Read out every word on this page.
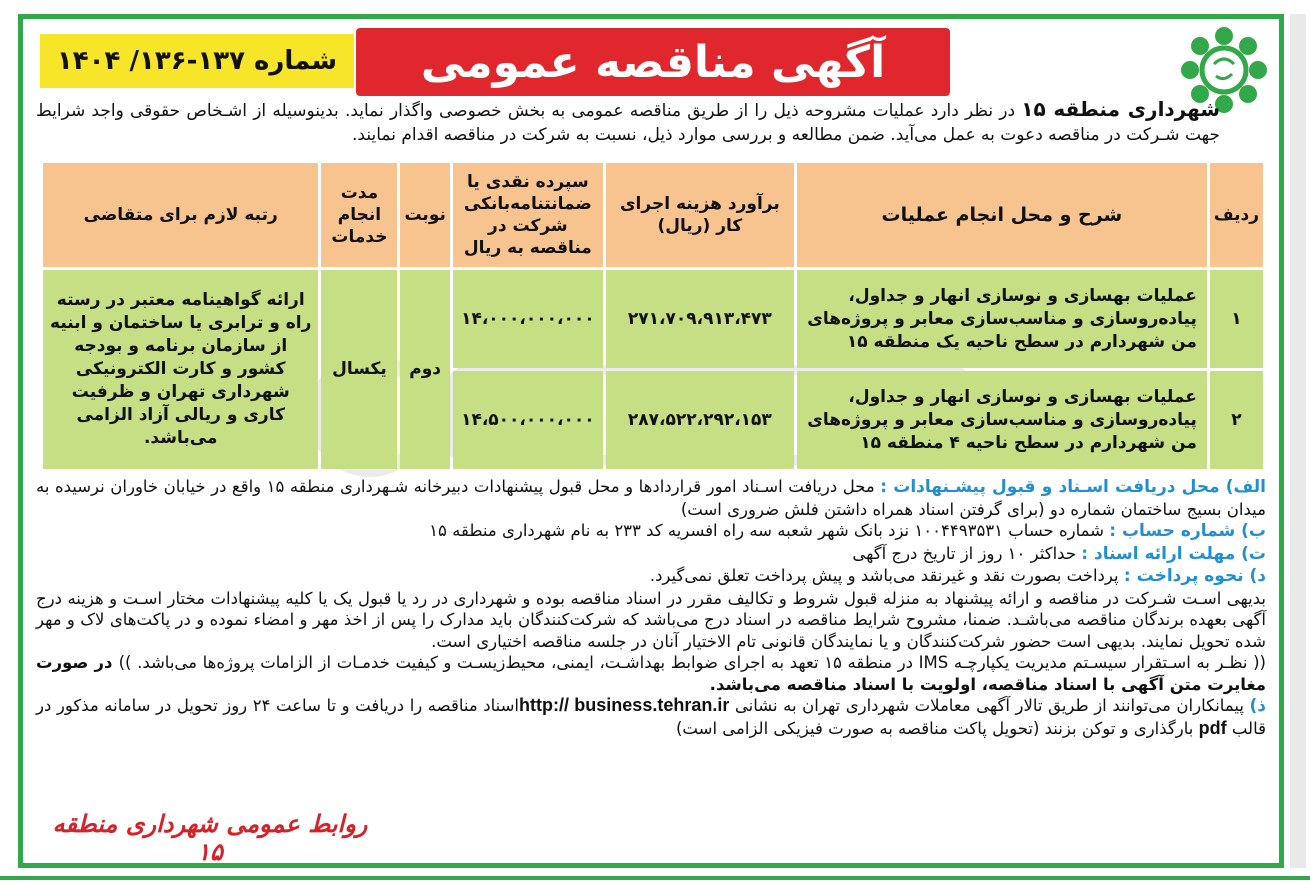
آگهی مناقصه عمومی
شماره ۱۳۷-۱۳۶/ ۱۴۰۴
شهرداری منطقه ۱۵ در نظر دارد عملیات مشروحه ذیل را از طریق مناقصه عمومی به بخش خصوصی واگذار نماید. بدینوسیله از اشـخاص حقوقی واجد شرایط جهت شـرکت در مناقصه دعوت به عمل می‌آید. ضمن مطالعه و بررسی موارد ذیل، نسبت به شرکت در مناقصه اقدام نمایند.
ردیف	شرح و محل انجام عملیات	برآورد هزینه اجرای کار (ریال)	سپرده نقدی یا ضمانتنامه‌بانکی شرکت در مناقصه به ریال	نوبت	مدت انجام خدمات	رتبه لازم برای متقاضی
۱	عملیات بهسازی و نوسازی انهار و جداول، پیاده‌روسازی و مناسب‌سازی معابر و پروژه‌های من شهردارم در سطح ناحیه یک منطقه ۱۵	۲۷۱،۷۰۹،۹۱۳،۴۷۳	۱۴،۰۰۰،۰۰۰،۰۰۰	دوم	یکسال	ارائه گواهینامه معتبر در رسته راه و ترابری یا ساختمان و ابنیه از سازمان برنامه و بودجه کشور و کارت الکترونیکی شهرداری تهران و ظرفیت کاری و ریالی آزاد الزامی می‌باشد.
۲	عملیات بهسازی و نوسازی انهار و جداول، پیاده‌روسازی و مناسب‌سازی معابر و پروژه‌های من شهردارم در سطح ناحیه ۴ منطقه ۱۵	۲۸۷،۵۲۲،۲۹۲،۱۵۳	۱۴،۵۰۰،۰۰۰،۰۰۰			

الف) محل دریافت اسـناد و قبول پیشـنهادات : محل دریافت اسـناد امور قراردادها و محل قبول پیشنهادات دبیرخانه شـهرداری منطقه ۱۵ واقع در خیابان خاوران نرسیده به میدان بسیج ساختمان شماره دو (برای گرفتن اسناد همراه داشتن فلش ضروری است)

ب) شماره حساب : شماره حساب ۱۰۰۴۴۹۳۵۳۱ نزد بانک شهر شعبه سه راه افسریه کد ۲۳۳ به نام شهرداری منطقه ۱۵

ت) مهلت ارائه اسناد : حداکثر ۱۰ روز از تاریخ درج آگهی

د) نحوه پرداخت : پرداخت بصورت نقد و غیرنقد می‌باشد و پیش پرداخت تعلق نمی‌گیرد.

بدیهی اسـت شـرکت در مناقصه و ارائه پیشنهاد به منزله قبول شروط و تکالیف مقرر در اسناد مناقصه بوده و شهرداری در رد یا قبول یک یا کلیه پیشنهادات مختار اسـت و هزینه درج آگهی بعهده برندگان مناقصه می‌باشـد. ضمنا، مشروح شرایط مناقصه در اسناد درج می‌باشد که شرکت‌کنندگان باید مدارک را پس از اخذ مهر و امضاء نموده و در پاکت‌های لاک و مهر شده تحویل نمایند. بدیهی است حضور شرکت‌کنندگان و یا نمایندگان قانونی تام الاختیار آنان در جلسه مناقصه اختیاری است.

(( نظـر به اسـتقرار سیسـتم مدیریت یکپارچـه IMS در منطقه ۱۵ تعهد به اجرای ضوابط بهداشـت، ایمنی، محیط‌زیسـت و کیفیت خدمـات از الزامات پروژه‌ها می‌باشد. )) در صورت مغایرت متن آگهی با اسناد مناقصه، اولویت با اسناد مناقصه می‌باشد.

ذ) پیمانکاران می‌توانند از طریق تالار آگهی معاملات شهرداری تهران به نشانی http:// business.tehran.irاسناد مناقصه را دریافت و تا ساعت ۲۴ روز تحویل در سامانه مذکور در قالب pdf بارگذاری و توکن بزنند (تحویل پاکت مناقصه به صورت فیزیکی الزامی است)

روابط عمومی شهرداری منطقه ۱۵
